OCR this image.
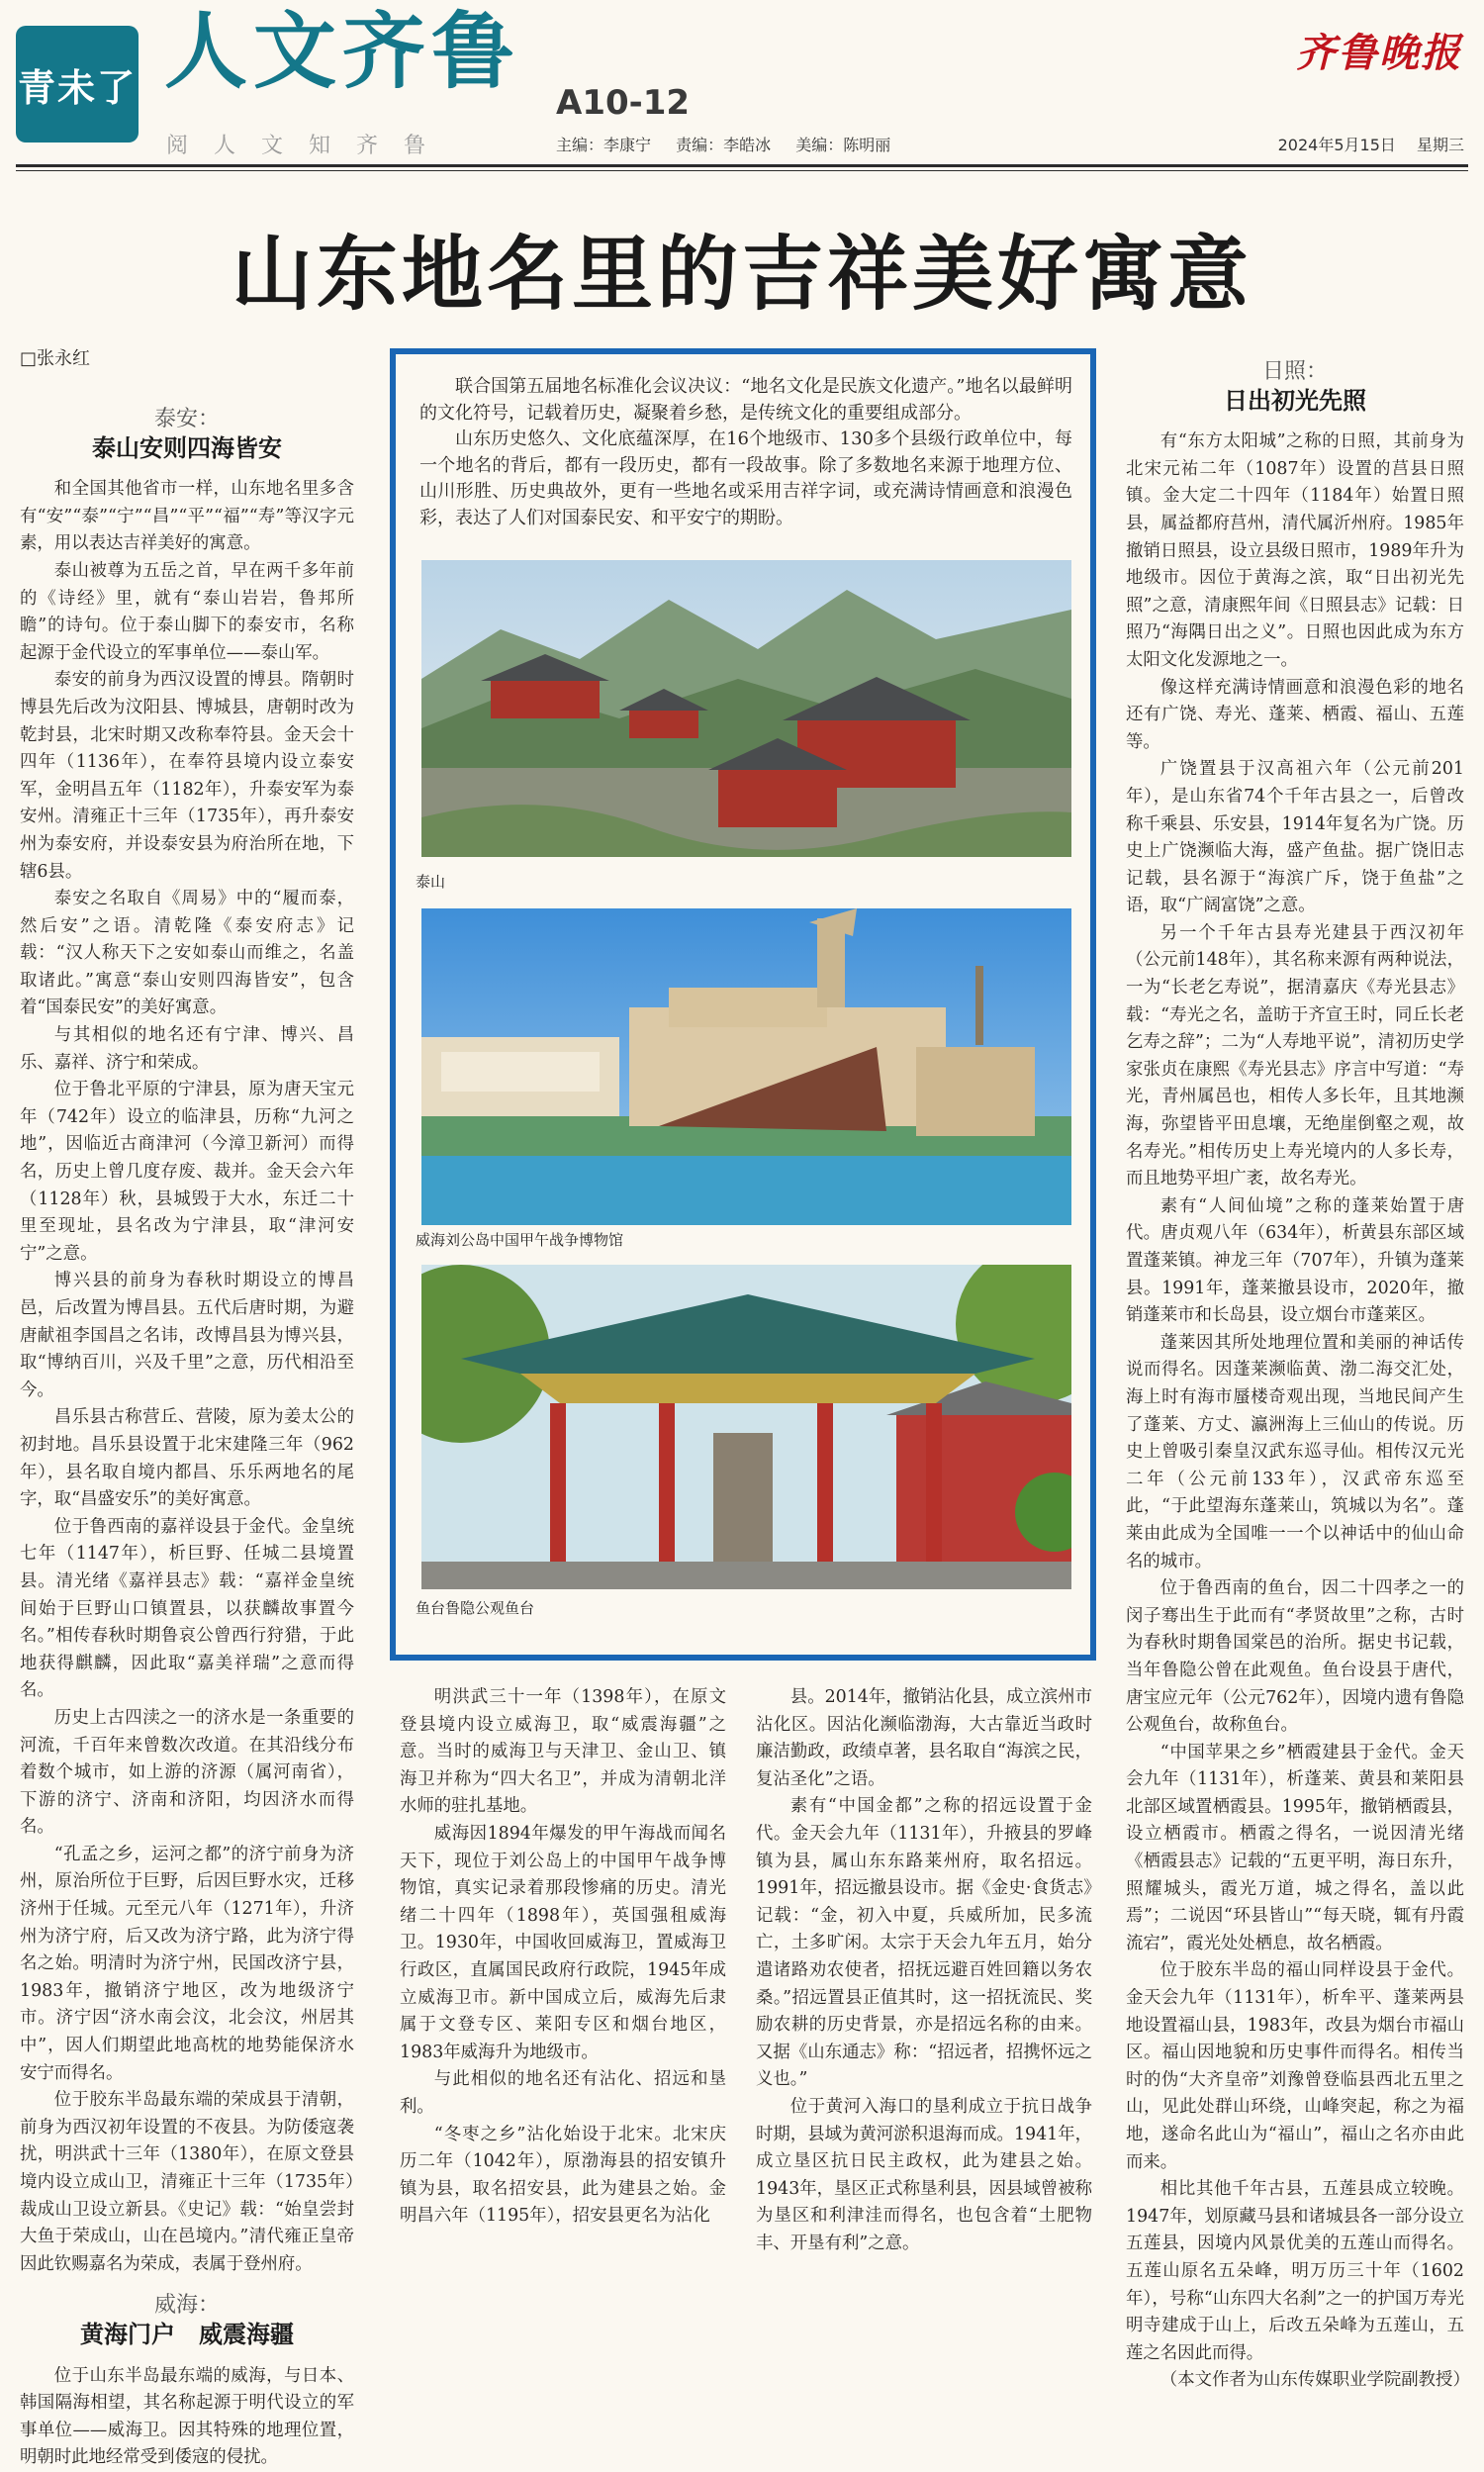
青未了 人文齐鲁
阅人文知齐鲁
A10-12
主编：李康宁 责编：李皓冰 美编：陈明丽	2024年5月15日 星期三
齐鲁晚报
山东地名里的吉祥美好寓意
□张永红
泰安：
泰山安则四海皆安

和全国其他省市一样，山东地名里多含有“安”“泰”“宁”“昌”“平”“福”“寿”等汉字元素，用以表达吉祥美好的寓意。

泰山被尊为五岳之首，早在两千多年前的《诗经》里，就有“泰山岩岩，鲁邦所瞻”的诗句。位于泰山脚下的泰安市，名称起源于金代设立的军事单位——泰山军。

泰安的前身为西汉设置的博县。隋朝时博县先后改为汶阳县、博城县，唐朝时改为乾封县，北宋时期又改称奉符县。金天会十四年（1136年），在奉符县境内设立泰安军，金明昌五年（1182年），升泰安军为泰安州。清雍正十三年（1735年），再升泰安州为泰安府，并设泰安县为府治所在地，下辖6县。

泰安之名取自《周易》中的“履而泰，然后安”之语。清乾隆《泰安府志》记载：“汉人称天下之安如泰山而维之，名盖取诸此。”寓意“泰山安则四海皆安”，包含着“国泰民安”的美好寓意。

与其相似的地名还有宁津、博兴、昌乐、嘉祥、济宁和荣成。

位于鲁北平原的宁津县，原为唐天宝元年（742年）设立的临津县，历称“九河之地”，因临近古商津河（今漳卫新河）而得名，历史上曾几度存废、裁并。金天会六年（1128年）秋，县城毁于大水，东迁二十里至现址，县名改为宁津县，取“津河安宁”之意。

博兴县的前身为春秋时期设立的博昌邑，后改置为博昌县。五代后唐时期，为避唐献祖李国昌之名讳，改博昌县为博兴县，取“博纳百川，兴及千里”之意，历代相沿至今。

昌乐县古称营丘、营陵，原为姜太公的初封地。昌乐县设置于北宋建隆三年（962年），县名取自境内都昌、乐乐两地名的尾字，取“昌盛安乐”的美好寓意。

位于鲁西南的嘉祥设县于金代。金皇统七年（1147年），析巨野、任城二县境置县。清光绪《嘉祥县志》载：“嘉祥金皇统间始于巨野山口镇置县，以获麟故事置今名。”相传春秋时期鲁哀公曾西行狩猎，于此地获得麒麟，因此取“嘉美祥瑞”之意而得名。

历史上古四渎之一的济水是一条重要的河流，千百年来曾数次改道。在其沿线分布着数个城市，如上游的济源（属河南省），下游的济宁、济南和济阳，均因济水而得名。

“孔孟之乡，运河之都”的济宁前身为济州，原治所位于巨野，后因巨野水灾，迁移济州于任城。元至元八年（1271年），升济州为济宁府，后又改为济宁路，此为济宁得名之始。明清时为济宁州，民国改济宁县，1983年，撤销济宁地区，改为地级济宁市。济宁因“济水南会汶，北会汶，州居其中”，因人们期望此地高枕的地势能保济水安宁而得名。

位于胶东半岛最东端的荣成县于清朝，前身为西汉初年设置的不夜县。为防倭寇袭扰，明洪武十三年（1380年），在原文登县境内设立成山卫，清雍正十三年（1735年）裁成山卫设立新县。《史记》载：“始皇尝封大鱼于荣成山，山在邑境内。”清代雍正皇帝因此钦赐嘉名为荣成，表属于登州府。

威海：
黄海门户　威震海疆

位于山东半岛最东端的威海，与日本、韩国隔海相望，其名称起源于明代设立的军事单位——威海卫。因其特殊的地理位置，明朝时此地经常受到倭寇的侵扰。

联合国第五届地名标准化会议决议：“地名文化是民族文化遗产。”地名以最鲜明的文化符号，记载着历史，凝聚着乡愁，是传统文化的重要组成部分。

山东历史悠久、文化底蕴深厚，在16个地级市、130多个县级行政单位中，每一个地名的背后，都有一段历史，都有一段故事。除了多数地名来源于地理方位、山川形胜、历史典故外，更有一些地名或采用吉祥字词，或充满诗情画意和浪漫色彩，表达了人们对国泰民安、和平安宁的期盼。

泰山
威海刘公岛中国甲午战争博物馆
鱼台鲁隐公观鱼台

明洪武三十一年（1398年），在原文登县境内设立威海卫，取“威震海疆”之意。当时的威海卫与天津卫、金山卫、镇海卫并称为“四大名卫”，并成为清朝北洋水师的驻扎基地。

威海因1894年爆发的甲午海战而闻名天下，现位于刘公岛上的中国甲午战争博物馆，真实记录着那段惨痛的历史。清光绪二十四年（1898年），英国强租威海卫。1930年，中国收回威海卫，置威海卫行政区，直属国民政府行政院，1945年成立威海卫市。新中国成立后，威海先后隶属于文登专区、莱阳专区和烟台地区，1983年威海升为地级市。

与此相似的地名还有沾化、招远和垦利。

“冬枣之乡”沾化始设于北宋。北宋庆历二年（1042年），原渤海县的招安镇升镇为县，取名招安县，此为建县之始。金明昌六年（1195年），招安县更名为沾化

县。2014年，撤销沾化县，成立滨州市沾化区。因沾化濒临渤海，大古靠近当政时廉洁勤政，政绩卓著，县名取自“海滨之民，复沾圣化”之语。

素有“中国金都”之称的招远设置于金代。金天会九年（1131年），升掖县的罗峰镇为县，属山东东路莱州府，取名招远。1991年，招远撤县设市。据《金史·食货志》记载：“金，初入中夏，兵威所加，民多流亡，土多旷闲。太宗于天会九年五月，始分遣诸路劝农使者，招抚远避百姓回籍以务农桑。”招远置县正值其时，这一招抚流民、奖励农耕的历史背景，亦是招远名称的由来。又据《山东通志》称：“招远者，招携怀远之义也。”

位于黄河入海口的垦利成立于抗日战争时期，县域为黄河淤积退海而成。1941年，成立垦区抗日民主政权，此为建县之始。1943年，垦区正式称垦利县，因县域曾被称为垦区和利津洼而得名，也包含着“土肥物丰、开垦有利”之意。

日照：
日出初光先照

有“东方太阳城”之称的日照，其前身为北宋元祐二年（1087年）设置的莒县日照镇。金大定二十四年（1184年）始置日照县，属益都府莒州，清代属沂州府。1985年撤销日照县，设立县级日照市，1989年升为地级市。因位于黄海之滨，取“日出初光先照”之意，清康熙年间《日照县志》记载：日照乃“海隅日出之义”。日照也因此成为东方太阳文化发源地之一。

像这样充满诗情画意和浪漫色彩的地名还有广饶、寿光、蓬莱、栖霞、福山、五莲等。

广饶置县于汉高祖六年（公元前201年），是山东省74个千年古县之一，后曾改称千乘县、乐安县，1914年复名为广饶。历史上广饶濒临大海，盛产鱼盐。据广饶旧志记载，县名源于“海滨广斥，饶于鱼盐”之语，取“广阔富饶”之意。

另一个千年古县寿光建县于西汉初年（公元前148年），其名称来源有两种说法，一为“长老乞寿说”，据清嘉庆《寿光县志》载：“寿光之名，盖昉于齐宣王时，同丘长老乞寿之辞”；二为“人寿地平说”，清初历史学家张贞在康熙《寿光县志》序言中写道：“寿光，青州属邑也，相传人多长年，且其地濒海，弥望皆平田息壤，无绝崖倒壑之观，故名寿光。”相传历史上寿光境内的人多长寿，而且地势平坦广袤，故名寿光。

素有“人间仙境”之称的蓬莱始置于唐代。唐贞观八年（634年），析黄县东部区域置蓬莱镇。神龙三年（707年），升镇为蓬莱县。1991年，蓬莱撤县设市，2020年，撤销蓬莱市和长岛县，设立烟台市蓬莱区。

蓬莱因其所处地理位置和美丽的神话传说而得名。因蓬莱濒临黄、渤二海交汇处，海上时有海市蜃楼奇观出现，当地民间产生了蓬莱、方丈、瀛洲海上三仙山的传说。历史上曾吸引秦皇汉武东巡寻仙。相传汉元光二年（公元前133年），汉武帝东巡至此，“于此望海东蓬莱山，筑城以为名”。蓬莱由此成为全国唯一一个以神话中的仙山命名的城市。

位于鲁西南的鱼台，因二十四孝之一的闵子骞出生于此而有“孝贤故里”之称，古时为春秋时期鲁国棠邑的治所。据史书记载，当年鲁隐公曾在此观鱼。鱼台设县于唐代，唐宝应元年（公元762年），因境内遗有鲁隐公观鱼台，故称鱼台。

“中国苹果之乡”栖霞建县于金代。金天会九年（1131年），析蓬莱、黄县和莱阳县北部区域置栖霞县。1995年，撤销栖霞县，设立栖霞市。栖霞之得名，一说因清光绪《栖霞县志》记载的“五更平明，海日东升，照耀城头，霞光万道，城之得名，盖以此焉”；二说因“环县皆山”“每天晓，辄有丹霞流宕”，霞光处处栖息，故名栖霞。

位于胶东半岛的福山同样设县于金代。金天会九年（1131年），析牟平、蓬莱两县地设置福山县，1983年，改县为烟台市福山区。福山因地貌和历史事件而得名。相传当时的伪“大齐皇帝”刘豫曾登临县西北五里之山，见此处群山环绕，山峰突起，称之为福地，遂命名此山为“福山”，福山之名亦由此而来。

相比其他千年古县，五莲县成立较晚。1947年，划原藏马县和诸城县各一部分设立五莲县，因境内风景优美的五莲山而得名。五莲山原名五朵峰，明万历三十年（1602年），号称“山东四大名刹”之一的护国万寿光明寺建成于山上，后改五朵峰为五莲山，五莲之名因此而得。

（本文作者为山东传媒职业学院副教授）
